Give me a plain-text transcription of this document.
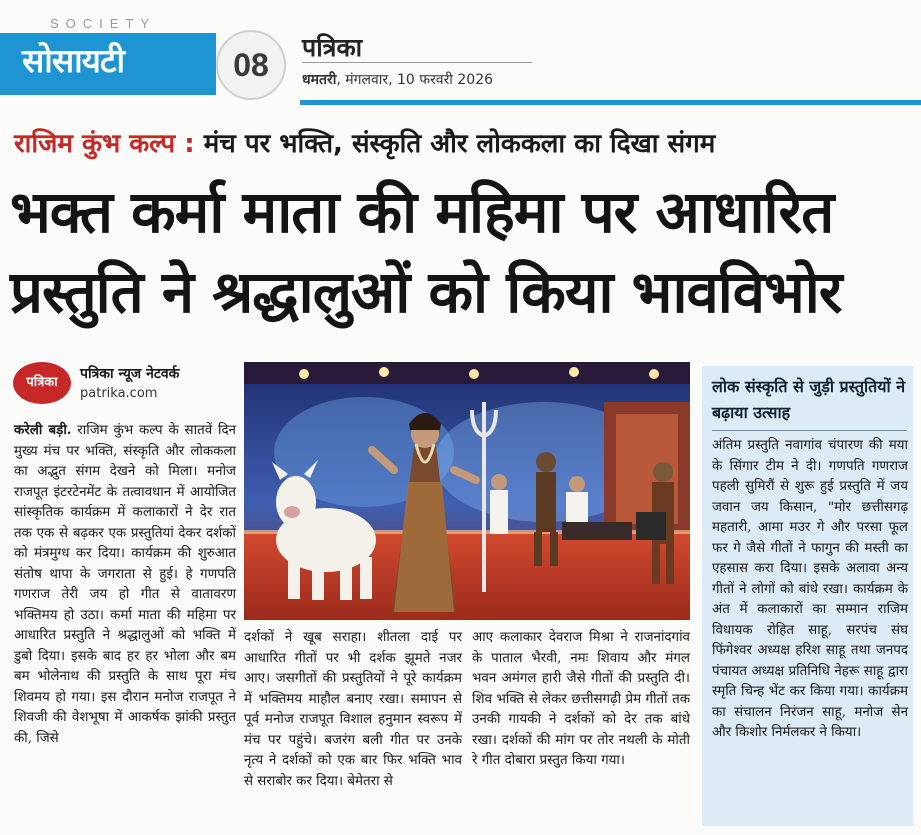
SOCIETY
सोसायटी	08	पत्रिका
धमतरी, मंगलवार, 10 फरवरी 2026
राजिम कुंभ कल्प : मंच पर भक्ति, संस्कृति और लोककला का दिखा संगम
भक्त कर्मा माता की महिमा पर आधारित
प्रस्तुति ने श्रद्धालुओं को किया भावविभोर
पत्रिका
पत्रिका न्यूज नेटवर्क
patrika.com

करेली बड़ी. राजिम कुंभ कल्प के सातवें दिन मुख्य मंच पर भक्ति, संस्कृति और लोककला का अद्भुत संगम देखने को मिला। मनोज राजपूत इंटरटेनमेंट के तत्वावधान में आयोजित सांस्कृतिक कार्यक्रम में कलाकारों ने देर रात तक एक से बढ़कर एक प्रस्तुतियां देकर दर्शकों को मंत्रमुग्ध कर दिया। कार्यक्रम की शुरुआत संतोष थापा के जगराता से हुई। हे गणपति गणराज तेरी जय हो गीत से वातावरण भक्तिमय हो उठा। कर्मा माता की महिमा पर आधारित प्रस्तुति ने श्रद्धालुओं को भक्ति में डुबो दिया। इसके बाद हर हर भोला और बम बम भोलेनाथ की प्रस्तुति के साथ पूरा मंच शिवमय हो गया। इस दौरान मनोज राजपूत ने शिवजी की वेशभूषा में आकर्षक झांकी प्रस्तुत की, जिसे

दर्शकों ने खूब सराहा। शीतला दाई पर आधारित गीतों पर भी दर्शक झूमते नजर आए। जसगीतों की प्रस्तुतियों ने पूरे कार्यक्रम में भक्तिमय माहौल बनाए रखा। समापन से पूर्व मनोज राजपूत विशाल हनुमान स्वरूप में मंच पर पहुंचे। बजरंग बली गीत पर उनके नृत्य ने दर्शकों को एक बार फिर भक्ति भाव से सराबोर कर दिया। बेमेतरा से

आए कलाकार देवराज मिश्रा ने राजनांदगांव के पाताल भैरवी, नमः शिवाय और मंगल भवन अमंगल हारी जैसे गीतों की प्रस्तुति दी। शिव भक्ति से लेकर छत्तीसगढ़ी प्रेम गीतों तक उनकी गायकी ने दर्शकों को देर तक बांधे रखा। दर्शकों की मांग पर तोर नथली के मोती रे गीत दोबारा प्रस्तुत किया गया।

लोक संस्कृति से जुड़ी प्रस्तुतियों ने बढ़ाया उत्साह

अंतिम प्रस्तुति नवागांव चंपारण की मया के सिंगार टीम ने दी। गणपति गणराज पहली सुमिरौं से शुरू हुई प्रस्तुति में जय जवान जय किसान, "मोर छत्तीसगढ़ महतारी, आमा मउर गे और परसा फूल फर गे जैसे गीतों ने फागुन की मस्ती का एहसास करा दिया। इसके अलावा अन्य गीतों ने लोगों को बांधे रखा। कार्यक्रम के अंत में कलाकारों का सम्मान राजिम विधायक रोहित साहू, सरपंच संघ फिंगेश्वर अध्यक्ष हरिश साहू तथा जनपद पंचायत अध्यक्ष प्रतिनिधि नेहरू साहू द्वारा स्मृति चिन्ह भेंट कर किया गया। कार्यक्रम का संचालन निरंजन साहू, मनोज सेन और किशोर निर्मलकर ने किया।
